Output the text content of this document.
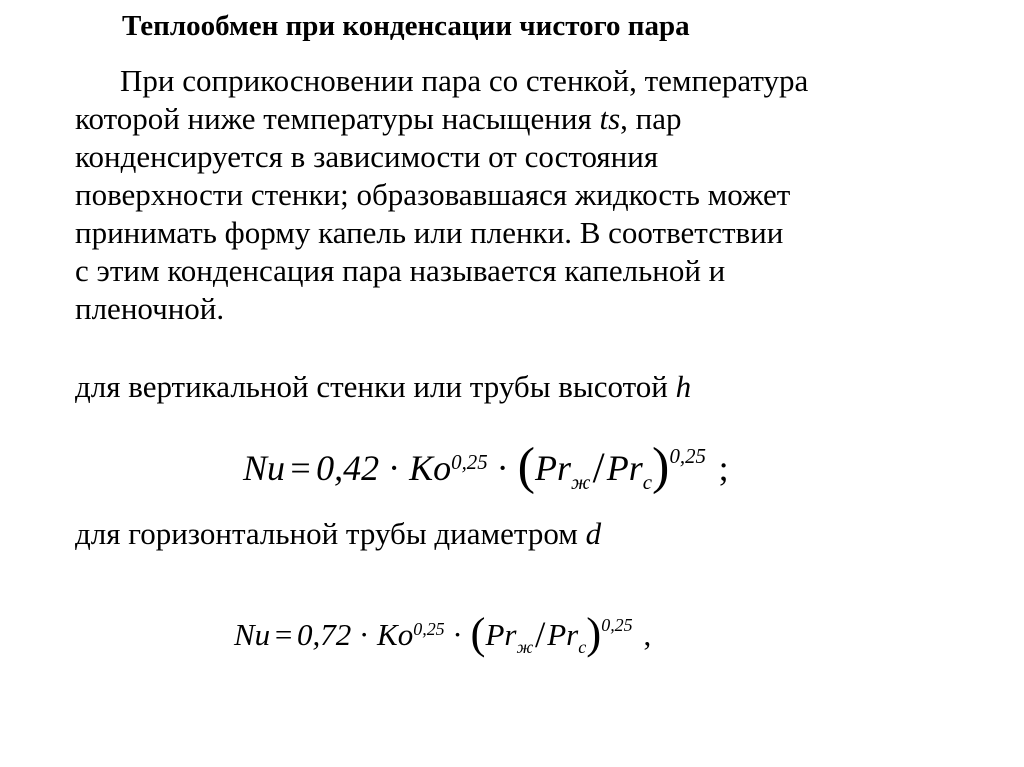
Теплообмен при конденсации чистого пара
При соприкосновении пара со стенкой, температура
которой ниже температуры насыщения ts, пар
конденсируется в зависимости от состояния
поверхности стенки; образовавшаяся жидкость может
принимать форму капель или пленки. В соответствии
с этим конденсация пара называется капельной и
пленочной.
для вертикальной стенки или трубы высотой h
Nu = 0,42 · Ko$^{0,25}$ · ( $Pr_ж / Pr_с$ )$^{0,25}$ ;
для горизонтальной трубы диаметром d
Nu = 0,72 · Ko$^{0,25}$ · ( $Pr_ж / Pr_с$ )$^{0,25}$ ,
